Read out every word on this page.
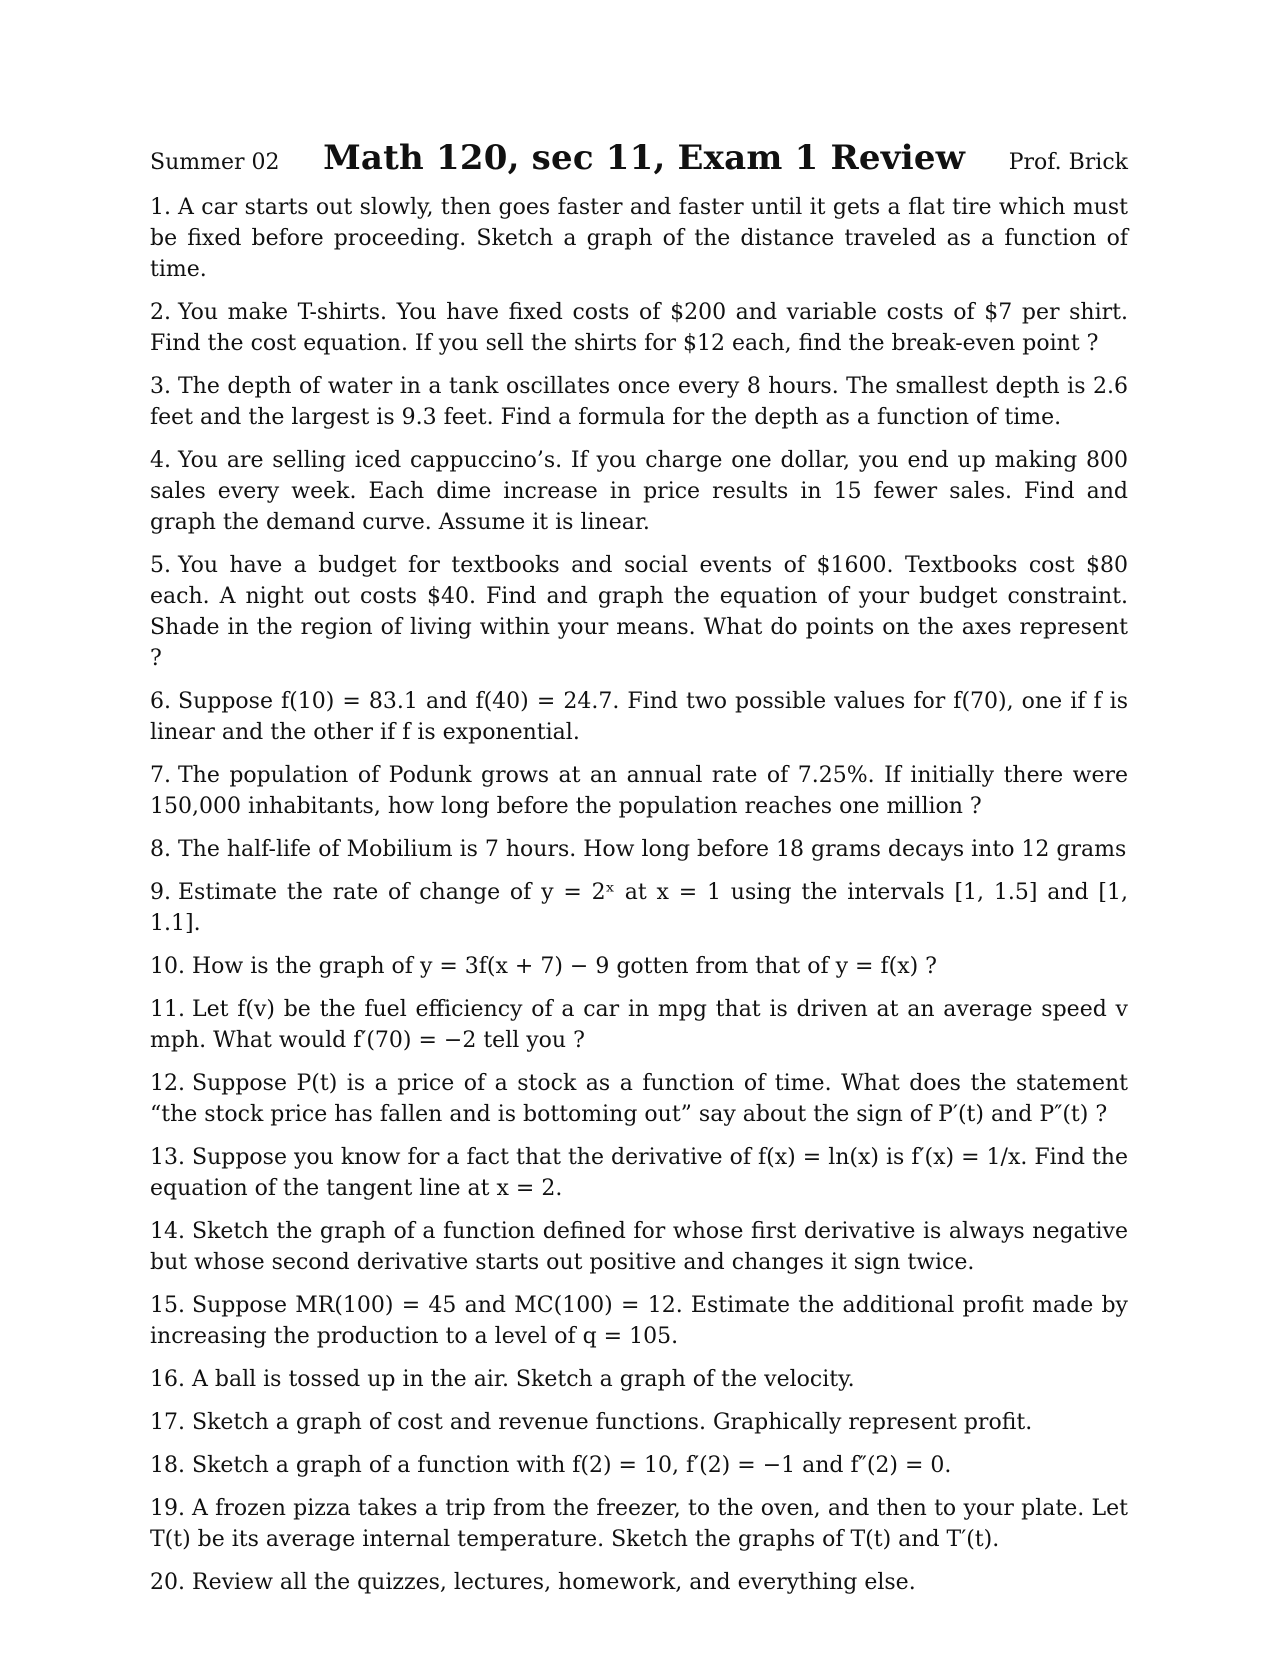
Summer 02	Math 120, sec 11, Exam 1 Review	Prof. Brick

1. A car starts out slowly, then goes faster and faster until it gets a flat tire which must be fixed before proceeding. Sketch a graph of the distance traveled as a function of time.

2. You make T-shirts. You have fixed costs of $200 and variable costs of $7 per shirt. Find the cost equation. If you sell the shirts for $12 each, find the break-even point ?

3. The depth of water in a tank oscillates once every 8 hours. The smallest depth is 2.6 feet and the largest is 9.3 feet. Find a formula for the depth as a function of time.

4. You are selling iced cappuccino’s. If you charge one dollar, you end up making 800 sales every week. Each dime increase in price results in 15 fewer sales. Find and graph the demand curve. Assume it is linear.

5. You have a budget for textbooks and social events of $1600. Textbooks cost $80 each. A night out costs $40. Find and graph the equation of your budget constraint. Shade in the region of living within your means. What do points on the axes represent ?

6. Suppose f(10) = 83.1 and f(40) = 24.7. Find two possible values for f(70), one if f is linear and the other if f is exponential.

7. The population of Podunk grows at an annual rate of 7.25%. If initially there were 150,000 inhabitants, how long before the population reaches one million ?

8. The half-life of Mobilium is 7 hours. How long before 18 grams decays into 12 grams

9. Estimate the rate of change of y = 2ˣ at x = 1 using the intervals [1, 1.5] and [1, 1.1].

10. How is the graph of y = 3f(x + 7) − 9 gotten from that of y = f(x) ?

11. Let f(v) be the fuel efficiency of a car in mpg that is driven at an average speed v mph. What would f′(70) = −2 tell you ?

12. Suppose P(t) is a price of a stock as a function of time. What does the statement “the stock price has fallen and is bottoming out” say about the sign of P′(t) and P″(t) ?

13. Suppose you know for a fact that the derivative of f(x) = ln(x) is f′(x) = 1/x. Find the equation of the tangent line at x = 2.

14. Sketch the graph of a function defined for whose first derivative is always negative but whose second derivative starts out positive and changes it sign twice.

15. Suppose MR(100) = 45 and MC(100) = 12. Estimate the additional profit made by increasing the production to a level of q = 105.

16. A ball is tossed up in the air. Sketch a graph of the velocity.

17. Sketch a graph of cost and revenue functions. Graphically represent profit.

18. Sketch a graph of a function with f(2) = 10, f′(2) = −1 and f″(2) = 0.

19. A frozen pizza takes a trip from the freezer, to the oven, and then to your plate. Let T(t) be its average internal temperature. Sketch the graphs of T(t) and T′(t).

20. Review all the quizzes, lectures, homework, and everything else.
